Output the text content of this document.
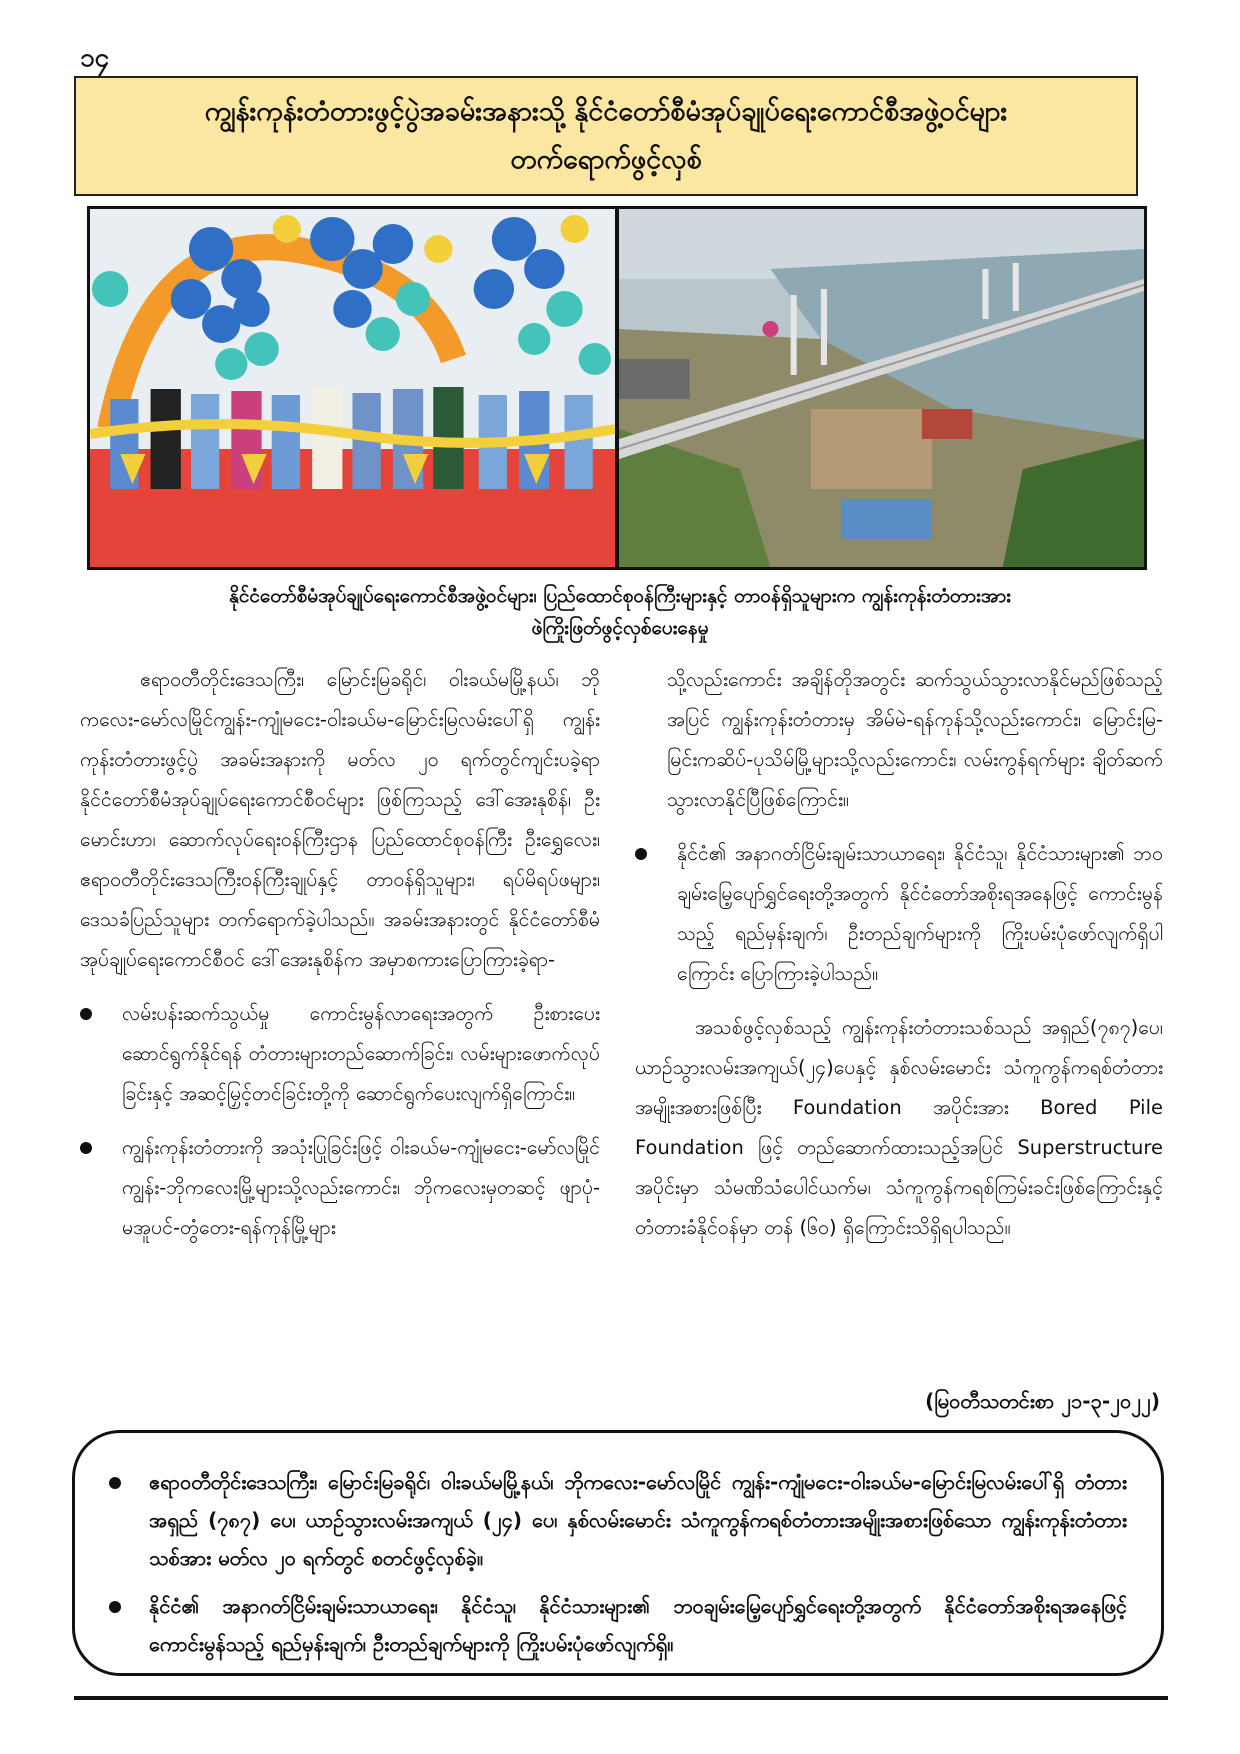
၁၄
ကျွန်းကုန်းတံတားဖွင့်ပွဲအခမ်းအနားသို့ နိုင်ငံတော်စီမံအုပ်ချုပ်ရေးကောင်စီအဖွဲ့ဝင်များ
တက်ရောက်ဖွင့်လှစ်
နိုင်ငံတော်စီမံအုပ်ချုပ်ရေးကောင်စီအဖွဲ့ဝင်များ၊ ပြည်ထောင်စုဝန်ကြီးများနှင့် တာဝန်ရှိသူများက ကျွန်းကုန်းတံတားအား
ဖဲကြိုးဖြတ်ဖွင့်လှစ်ပေးနေမှု

ဧရာဝတီတိုင်းဒေသကြီး၊ မြောင်းမြခရိုင်၊ ဝါးခယ်မမြို့နယ်၊ ဘိုကလေး-မော်လမြိုင်ကျွန်း-ကျုံမငေး-ဝါးခယ်မ-မြောင်းမြလမ်းပေါ်ရှိ ကျွန်းကုန်းတံတားဖွင့်ပွဲ အခမ်းအနားကို မတ်လ ၂၀ ရက်တွင်ကျင်းပခဲ့ရာ နိုင်ငံတော်စီမံအုပ်ချုပ်ရေးကောင်စီဝင်များ ဖြစ်ကြသည့် ဒေါ်အေးနုစိန်၊ ဦးမောင်းဟာ၊ ဆောက်လုပ်ရေးဝန်ကြီးဌာန ပြည်ထောင်စုဝန်ကြီး ဦးရွှေလေး၊ ဧရာဝတီတိုင်းဒေသကြီးဝန်ကြီးချုပ်နှင့် တာဝန်ရှိသူများ၊ ရပ်မိရပ်ဖများ၊ ဒေသခံပြည်သူများ တက်ရောက်ခဲ့ပါသည်။ အခမ်းအနားတွင် နိုင်ငံတော်စီမံအုပ်ချုပ်ရေးကောင်စီဝင် ဒေါ်အေးနုစိန်က အမှာစကားပြောကြားခဲ့ရာ-

လမ်းပန်းဆက်သွယ်မှု ကောင်းမွန်လာရေးအတွက် ဦးစားပေးဆောင်ရွက်နိုင်ရန် တံတားများတည်ဆောက်ခြင်း၊ လမ်းများဖောက်လုပ်ခြင်းနှင့် အဆင့်မြှင့်တင်ခြင်းတို့ကို ဆောင်ရွက်ပေးလျက်ရှိကြောင်း။
ကျွန်းကုန်းတံတားကို အသုံးပြုခြင်းဖြင့် ဝါးခယ်မ-ကျုံမငေး-မော်လမြိုင်ကျွန်း-ဘိုကလေးမြို့များသို့လည်းကောင်း၊ ဘိုကလေးမှတဆင့် ဖျာပုံ-မအူပင်-တွံတေး-ရန်ကုန်မြို့များ

သို့လည်းကောင်း အချိန်တိုအတွင်း ဆက်သွယ်သွားလာနိုင်မည်ဖြစ်သည့်အပြင် ကျွန်းကုန်းတံတားမှ အိမ်မဲ-ရန်ကုန်သို့လည်းကောင်း၊ မြောင်းမြ-မြင်းကဆိပ်-ပုသိမ်မြို့များသို့လည်းကောင်း၊ လမ်းကွန်ရက်များ ချိတ်ဆက်သွားလာနိုင်ပြီဖြစ်ကြောင်း။

နိုင်ငံ၏ အနာဂတ်ငြိမ်းချမ်းသာယာရေး၊ နိုင်ငံသူ၊ နိုင်ငံသားများ၏ ဘဝချမ်းမြေ့ပျော်ရွှင်ရေးတို့အတွက် နိုင်ငံတော်အစိုးရအနေဖြင့် ကောင်းမွန်သည့် ရည်မှန်းချက်၊ ဦးတည်ချက်များကို ကြိုးပမ်းပုံဖော်လျက်ရှိပါကြောင်း ပြောကြားခဲ့ပါသည်။

အသစ်ဖွင့်လှစ်သည့် ကျွန်းကုန်းတံတားသစ်သည် အရှည်(၇၈၇)ပေ၊ ယာဉ်သွားလမ်းအကျယ်(၂၄)ပေနှင့် နှစ်လမ်းမောင်း သံကူကွန်ကရစ်တံတားအမျိုးအစားဖြစ်ပြီး Foundation အပိုင်းအား Bored Pile Foundation ဖြင့် တည်ဆောက်ထားသည့်အပြင် Superstructure အပိုင်းမှာ သံမဏိသံပေါင်ယက်မ၊ သံကူကွန်ကရစ်ကြမ်းခင်းဖြစ်ကြောင်းနှင့် တံတားခံနိုင်ဝန်မှာ တန် (၆၀) ရှိကြောင်းသိရှိရပါသည်။

(မြဝတီသတင်းစာ ၂၁-၃-၂၀၂၂)
ဧရာဝတီတိုင်းဒေသကြီး၊ မြောင်းမြခရိုင်၊ ဝါးခယ်မမြို့နယ်၊ ဘိုကလေး-မော်လမြိုင် ကျွန်း-ကျုံမငေး-ဝါးခယ်မ-မြောင်းမြလမ်းပေါ်ရှိ တံတားအရှည် (၇၈၇) ပေ၊ ယာဉ်သွားလမ်းအကျယ် (၂၄) ပေ၊ နှစ်လမ်းမောင်း သံကူကွန်ကရစ်တံတားအမျိုးအစားဖြစ်သော ကျွန်းကုန်းတံတားသစ်အား မတ်လ ၂၀ ရက်တွင် စတင်ဖွင့်လှစ်ခဲ့။
နိုင်ငံ၏ အနာဂတ်ငြိမ်းချမ်းသာယာရေး၊ နိုင်ငံသူ၊ နိုင်ငံသားများ၏ ဘဝချမ်းမြေ့ပျော်ရွှင်ရေးတို့အတွက် နိုင်ငံတော်အစိုးရအနေဖြင့် ကောင်းမွန်သည့် ရည်မှန်းချက်၊ ဦးတည်ချက်များကို ကြိုးပမ်းပုံဖော်လျက်ရှိ။
